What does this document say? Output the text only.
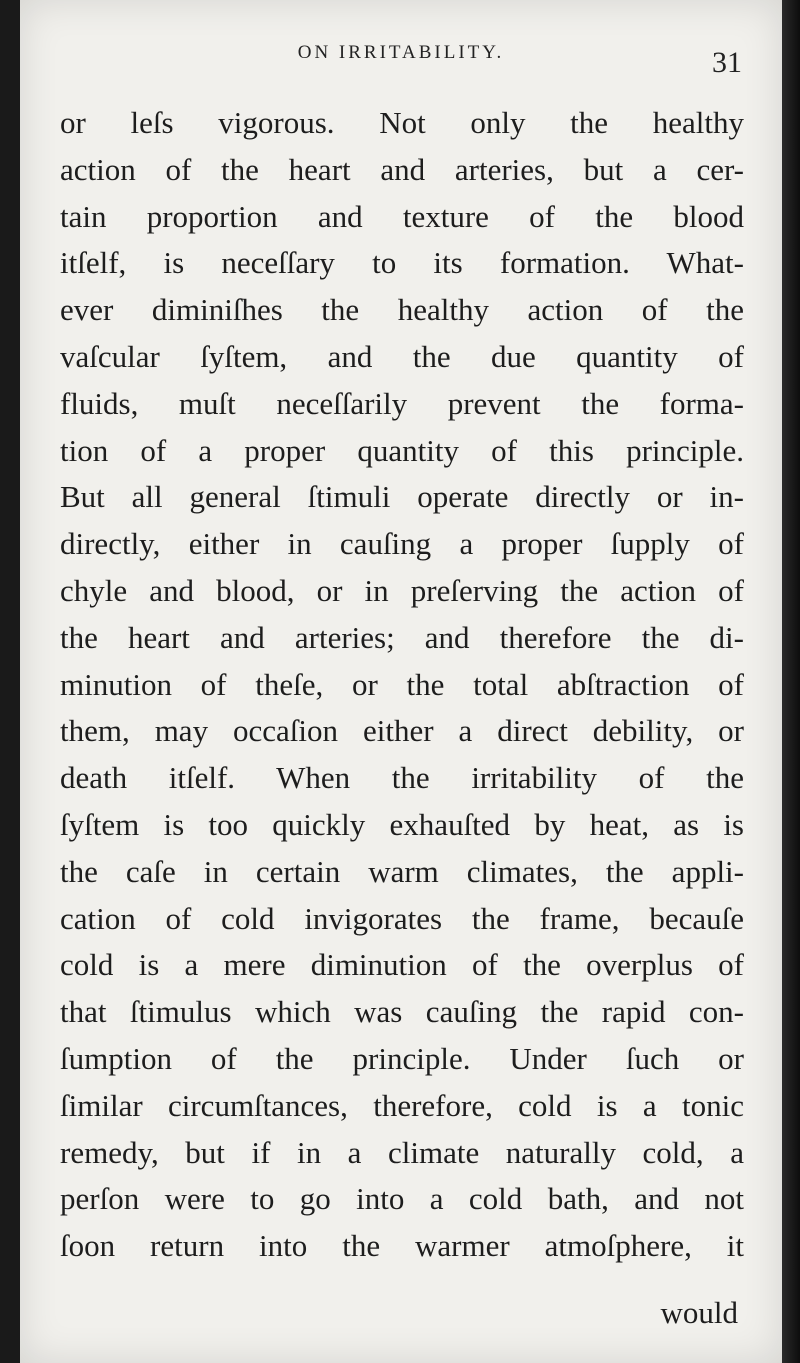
ON IRRITABILITY.	31
or leſs vigorous. Not only the healthy
action of the heart and arteries, but a cer-
tain proportion and texture of the blood
itſelf, is neceſſary to its formation. What-
ever diminiſhes the healthy action of the
vaſcular ſyſtem, and the due quantity of
fluids, muſt neceſſarily prevent the forma-
tion of a proper quantity of this principle.
But all general ſtimuli operate directly or in-
directly, either in cauſing a proper ſupply of
chyle and blood, or in preſerving the action of
the heart and arteries; and therefore the di-
minution of theſe, or the total abſtraction of
them, may occaſion either a direct debility, or
death itſelf. When the irritability of the
ſyſtem is too quickly exhauſted by heat, as is
the caſe in certain warm climates, the appli-
cation of cold invigorates the frame, becauſe
cold is a mere diminution of the overplus of
that ſtimulus which was cauſing the rapid con-
ſumption of the principle. Under ſuch or
ſimilar circumſtances, therefore, cold is a tonic
remedy, but if in a climate naturally cold, a
perſon were to go into a cold bath, and not
ſoon return into the warmer atmoſphere, it
would
